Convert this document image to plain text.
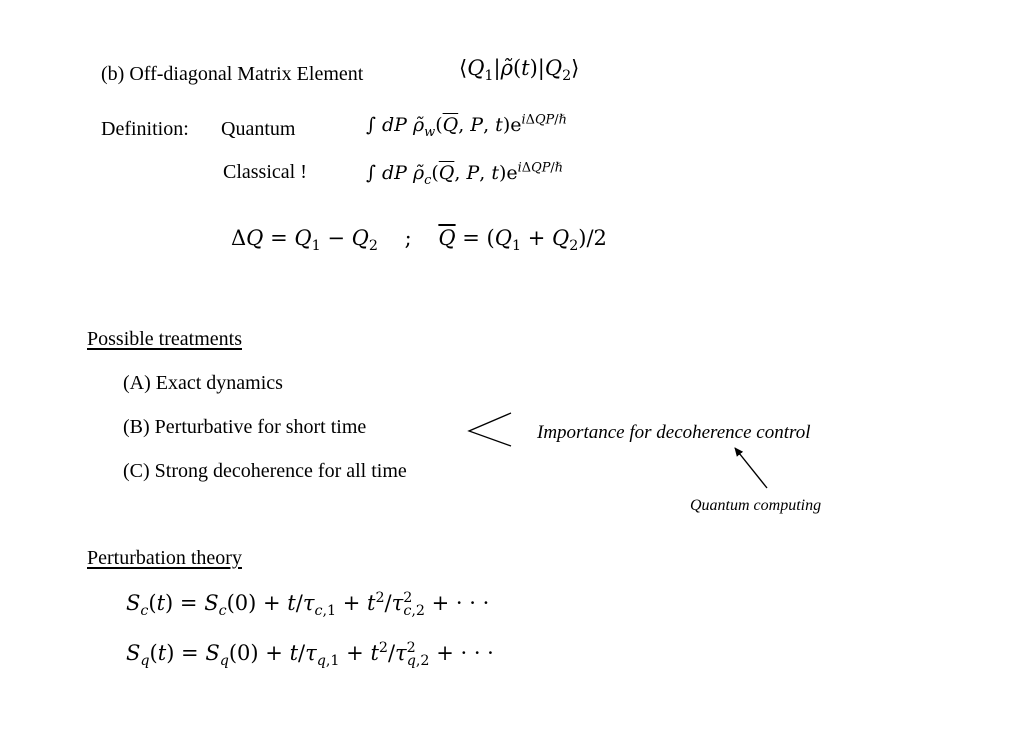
(b) Off-diagonal Matrix Element	$⟨Q_1|\rhõ(t)|Q_2⟩$
Definition: Quantum	∫ dP $\rhõ_w(\overline{Q}$, P, $t)e^{i\Delta QP/\hbar}$
Classical !	∫ dP $\rhõ_c(\overline{Q}$, P, $t)e^{i\Delta QP/\hbar}$
$\Delta Q = Q_1 - Q_2$    ;    $\overline{Q} = (Q_1 + Q_2)/2$
Possible treatments
(A) Exact dynamics
(B) Perturbative for short time
(C) Strong decoherence for all time
Importance for decoherence control
Quantum computing
Perturbation theory
$S_c(t) = S_c(0) + t/\tau_{c,1} + t^2/\tau^2_{c,2}$ + · · ·
$S_q(t) = S_q(0) + t/\tau_{q,1} + t^2/\tau^2_{q,2}$ + · · ·
